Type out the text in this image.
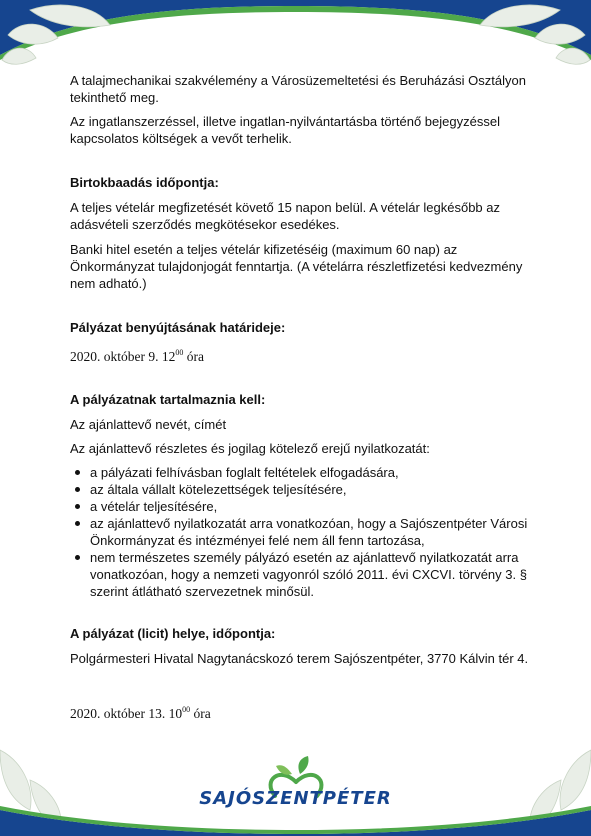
A talajmechanikai szakvélemény a Városüzemeltetési és Beruházási Osztályon tekinthető meg.

Az ingatlanszerzéssel, illetve ingatlan-nyilvántartásba történő bejegyzéssel kapcsolatos költségek a vevőt terhelik.

Birtokbaadás időpontja:

A teljes vételár megfizetését követő 15 napon belül. A vételár legkésőbb az adásvételi szerződés megkötésekor esedékes.

Banki hitel esetén a teljes vételár kifizetéséig (maximum 60 nap) az Önkormányzat tulajdonjogát fenntartja. (A vételárra részletfizetési kedvezmény nem adható.)

Pályázat benyújtásának határideje:

2020. október 9. $12^{00}$ óra

A pályázatnak tartalmaznia kell:

Az ajánlattevő nevét, címét

Az ajánlattevő részletes és jogilag kötelező erejű nyilatkozatát:

a pályázati felhívásban foglalt feltételek elfogadására,
az általa vállalt kötelezettségek teljesítésére,
a vételár teljesítésére,
az ajánlattevő nyilatkozatát arra vonatkozóan, hogy a Sajószentpéter Városi Önkormányzat és intézményei felé nem áll fenn tartozása,
nem természetes személy pályázó esetén az ajánlattevő nyilatkozatát arra vonatkozóan, hogy a nemzeti vagyonról szóló 2011. évi CXCVI. törvény 3. § szerint átlátható szervezetnek minősül.

A pályázat (licit) helye, időpontja:

Polgármesteri Hivatal Nagytanácskozó terem Sajószentpéter, 3770 Kálvin tér 4.

2020. október 13. $10^{00}$ óra

SAJÓSZENTPÉTER
